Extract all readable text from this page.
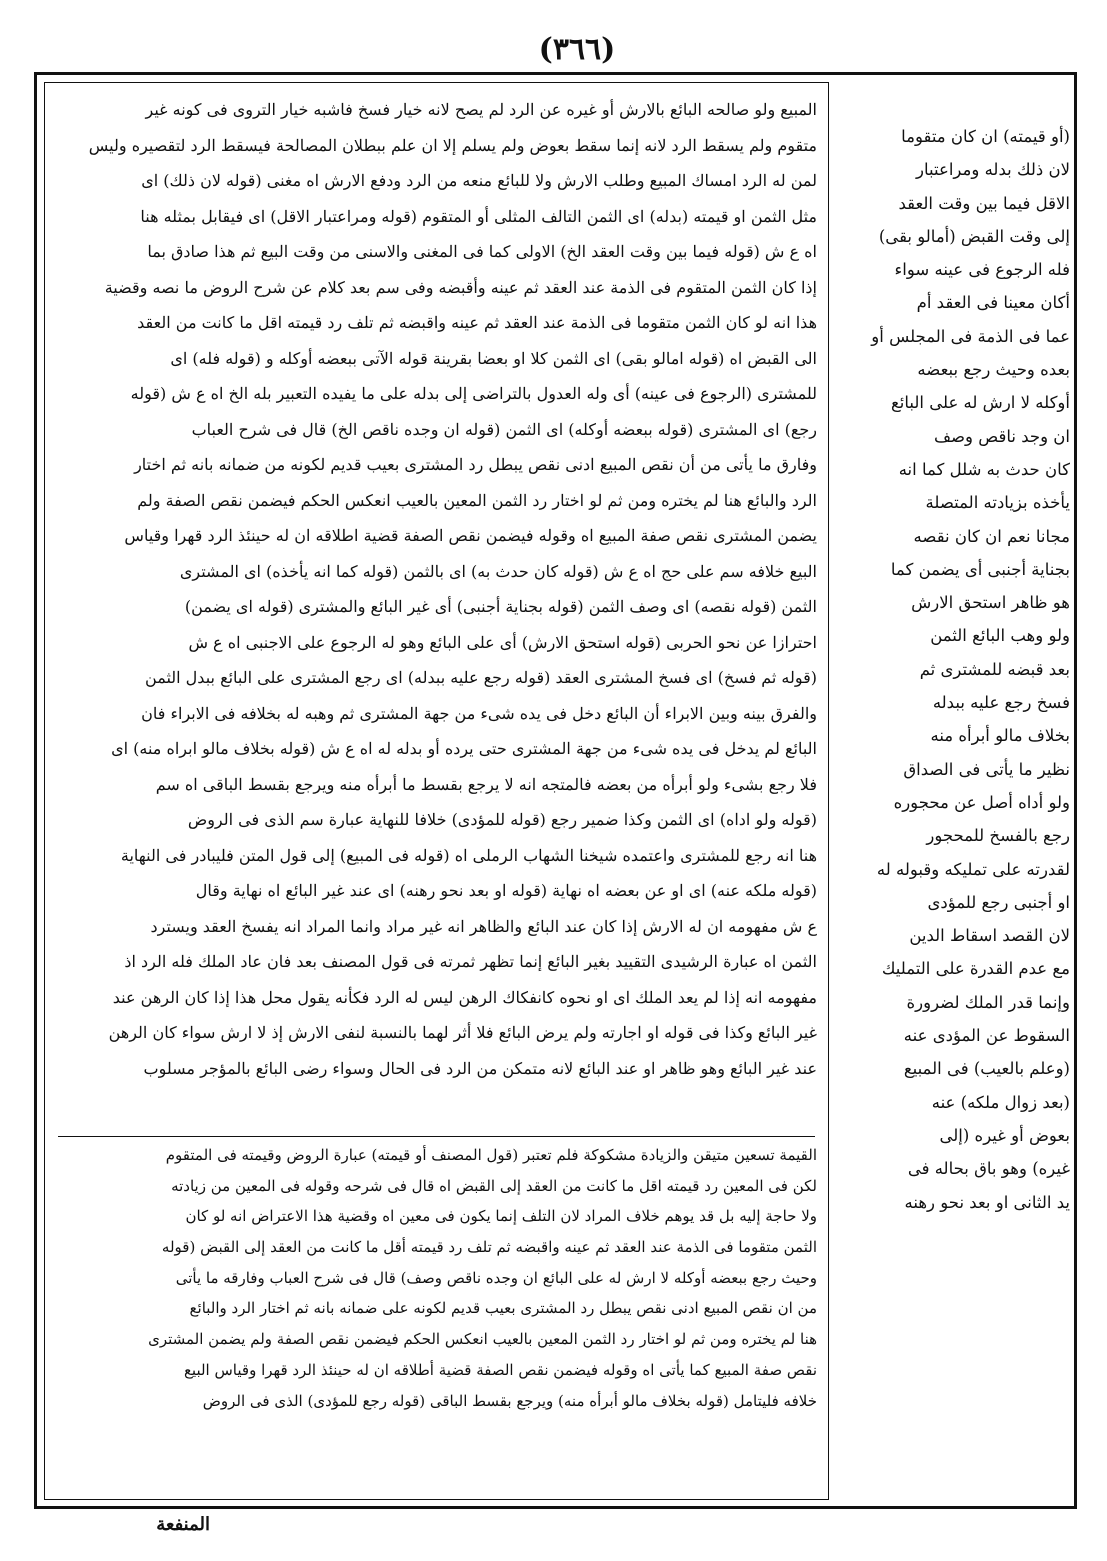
(٣٦٦)
المبيع ولو صالحه البائع بالارش أو غيره عن الرد لم يصح لانه خيار فسخ فاشبه خيار التروى فى كونه غير
متقوم ولم يسقط الرد لانه إنما سقط بعوض ولم يسلم إلا ان علم ببطلان المصالحة فيسقط الرد لتقصيره وليس
لمن له الرد امساك المبيع وطلب الارش ولا للبائع منعه من الرد ودفع الارش اه مغنى (قوله لان ذلك) اى
مثل الثمن او قيمته (بدله) اى الثمن التالف المثلى أو المتقوم (قوله ومراعتبار الاقل) اى فيقابل بمثله هنا
اه ع ش (قوله فيما بين وقت العقد الخ) الاولى كما فى المغنى والاسنى من وقت البيع ثم هذا صادق بما
إذا كان الثمن المتقوم فى الذمة عند العقد ثم عينه وأقبضه وفى سم بعد كلام عن شرح الروض ما نصه وقضية
هذا انه لو كان الثمن متقوما فى الذمة عند العقد ثم عينه واقبضه ثم تلف رد قيمته اقل ما كانت من العقد
الى القبض اه (قوله امالو بقى) اى الثمن كلا او بعضا بقرينة قوله الآتى ببعضه أوكله و (قوله فله) اى
للمشترى (الرجوع فى عينه) أى وله العدول بالتراضى إلى بدله على ما يفيده التعبير بله الخ اه ع ش (قوله
رجع) اى المشترى (قوله ببعضه أوكله) اى الثمن (قوله ان وجده ناقص الخ) قال فى شرح العباب
وفارق ما يأتى من أن نقص المبيع ادنى نقص يبطل رد المشترى بعيب قديم لكونه من ضمانه بانه ثم اختار
الرد والبائع هنا لم يختره ومن ثم لو اختار رد الثمن المعين بالعيب انعكس الحكم فيضمن نقص الصفة ولم
يضمن المشترى نقص صفة المبيع اه وقوله فيضمن نقص الصفة قضية اطلاقه ان له حينئذ الرد قهرا وقياس
البيع خلافه سم على حج اه ع ش (قوله كان حدث به) اى بالثمن (قوله كما انه يأخذه) اى المشترى
الثمن (قوله نقصه) اى وصف الثمن (قوله بجناية أجنبى) أى غير البائع والمشترى (قوله اى يضمن)
احترازا عن نحو الحربى (قوله استحق الارش) أى على البائع وهو له الرجوع على الاجنبى اه ع ش
(قوله ثم فسخ) اى فسخ المشترى العقد (قوله رجع عليه ببدله) اى رجع المشترى على البائع ببدل الثمن
والفرق بينه وبين الابراء أن البائع دخل فى يده شىء من جهة المشترى ثم وهبه له بخلافه فى الابراء فان
البائع لم يدخل فى يده شىء من جهة المشترى حتى يرده أو بدله له اه ع ش (قوله بخلاف مالو ابراه منه) اى
فلا رجع بشىء ولو أبرأه من بعضه فالمتجه انه لا يرجع بقسط ما أبرأه منه ويرجع بقسط الباقى اه سم
(قوله ولو اداه) اى الثمن وكذا ضمير رجع (قوله للمؤدى) خلافا للنهاية عبارة سم الذى فى الروض
هنا انه رجع للمشترى واعتمده شيخنا الشهاب الرملى اه (قوله فى المبيع) إلى قول المتن فليبادر فى النهاية
(قوله ملكه عنه) اى او عن بعضه اه نهاية (قوله او بعد نحو رهنه) اى عند غير البائع اه نهاية وقال
ع ش مفهومه ان له الارش إذا كان عند البائع والظاهر انه غير مراد وانما المراد انه يفسخ العقد ويسترد
الثمن اه عبارة الرشيدى التقييد بغير البائع إنما تظهر ثمرته فى قول المصنف بعد فان عاد الملك فله الرد اذ
مفهومه انه إذا لم يعد الملك اى او نحوه كانفكاك الرهن ليس له الرد فكأنه يقول محل هذا إذا كان الرهن عند
غير البائع وكذا فى قوله او اجارته ولم يرض البائع فلا أثر لهما بالنسبة لنفى الارش إذ لا ارش سواء كان الرهن
عند غير البائع وهو ظاهر او عند البائع لانه متمكن من الرد فى الحال وسواء رضى البائع بالمؤجر مسلوب
القيمة تسعين متيقن والزيادة مشكوكة فلم تعتبر (قول المصنف أو قيمته) عبارة الروض وقيمته فى المتقوم
لكن فى المعين رد قيمته اقل ما كانت من العقد إلى القبض اه قال فى شرحه وقوله فى المعين من زيادته
ولا حاجة إليه بل قد يوهم خلاف المراد لان التلف إنما يكون فى معين اه وقضية هذا الاعتراض انه لو كان
الثمن متقوما فى الذمة عند العقد ثم عينه واقبضه ثم تلف رد قيمته أقل ما كانت من العقد إلى القبض (قوله
وحيث رجع ببعضه أوكله لا ارش له على البائع ان وجده ناقص وصف) قال فى شرح العباب وفارقه ما يأتى
من ان نقص المبيع ادنى نقص يبطل رد المشترى بعيب قديم لكونه على ضمانه بانه ثم اختار الرد والبائع
هنا لم يختره ومن ثم لو اختار رد الثمن المعين بالعيب انعكس الحكم فيضمن نقص الصفة ولم يضمن المشترى
نقص صفة المبيع كما يأتى اه وقوله فيضمن نقص الصفة قضية أطلاقه ان له حينئذ الرد قهرا وقياس البيع
خلافه فليتامل (قوله بخلاف مالو أبرأه منه) ويرجع بقسط الباقى (قوله رجع للمؤدى) الذى فى الروض
(أو قيمته) ان كان متقوما
لان ذلك بدله ومراعتبار
الاقل فيما بين وقت العقد
إلى وقت القبض (أمالو بقى)
فله الرجوع فى عينه سواء
أكان معينا فى العقد أم
عما فى الذمة فى المجلس أو
بعده وحيث رجع ببعضه
أوكله لا ارش له على البائع
ان وجد ناقص وصف
كان حدث به شلل كما انه
يأخذه بزيادته المتصلة
مجانا نعم ان كان نقصه
بجناية أجنبى أى يضمن كما
هو ظاهر استحق الارش
ولو وهب البائع الثمن
بعد قبضه للمشترى ثم
فسخ رجع عليه ببدله
بخلاف مالو أبرأه منه
نظير ما يأتى فى الصداق
ولو أداه أصل عن محجوره
رجع بالفسخ للمحجور
لقدرته على تمليكه وقبوله له
او أجنبى رجع للمؤدى
لان القصد اسقاط الدين
مع عدم القدرة على التمليك
وإنما قدر الملك لضرورة
السقوط عن المؤدى عنه
(وعلم بالعيب) فى المبيع
(بعد زوال ملكه) عنه
بعوض أو غيره (إلى
غيره) وهو باق بحاله فى
يد الثانى او بعد نحو رهنه
المنفعة
